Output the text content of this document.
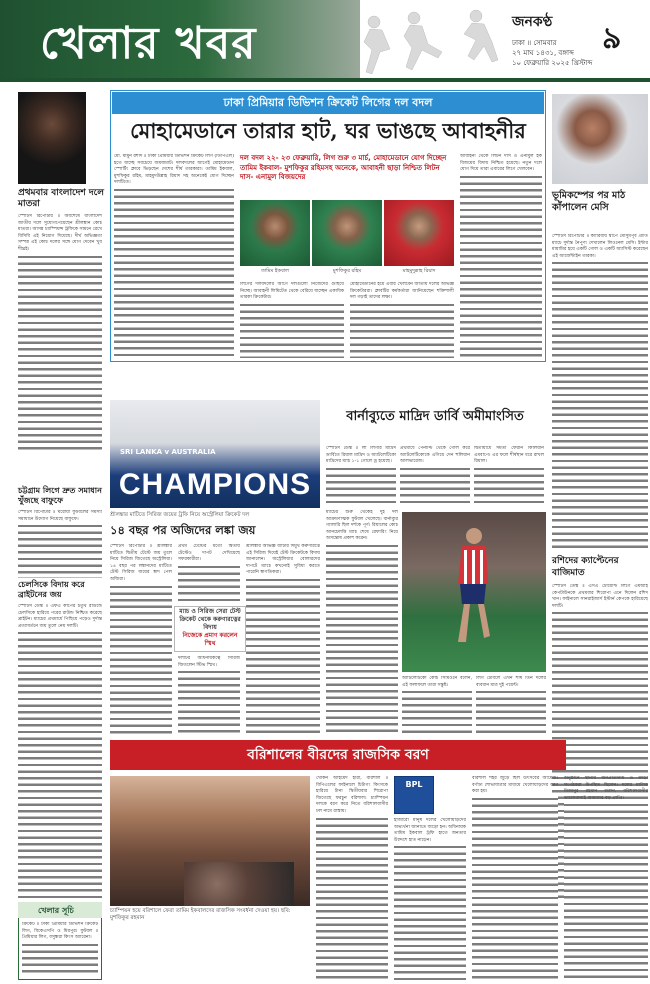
খেলার খবর	জনকণ্ঠ
ঢাকা ॥ সোমবার
২৭ মাঘ ১৪৩১, বঙ্গাব্দ
১০ ফেব্রুয়ারি ২০২৫ খ্রিস্টাব্দ
৯
প্রথমবার বাংলাদেশ দলে মাতরা
স্পোর্টস রিপোর্টার ॥ অবশেষে বাংলাদেশ জাতীয় দলে সুযোগপেয়েছেন শ্রীলঙ্কান কোচ মাতরা। আসন্ন চ্যাম্পিয়ন্স ট্রফিকে সামনে রেখে বিসিবি এই নিয়োগ দিয়েছে। দীর্ঘ অভিজ্ঞতা সম্পন্ন এই কোচ দলের সঙ্গে যোগ দেবেন খুব শীঘ্রই।
চট্টগ্রাম লিগে দ্রুত সমাধান খুঁজছে বাফুফে
স্পোর্টস রিপোর্টার ॥ ঘরোয়া ফুটবলের সমস্যা সমাধানে উদ্যোগ নিয়েছে বাফুফে।
চেলসিকে বিদায় করে ব্রাইটনের জয়
স্পোর্টস ডেস্ক ॥ এফএ কাপের চতুর্থ রাউন্ডে চেলসিকে হারিয়ে পরের রাউন্ড নিশ্চিত করেছে ব্রাইটন। ম্যাচের প্রথমার্ধে পিছিয়ে পড়েও দুর্দান্ত প্রত্যাবর্তনে জয় তুলে নেয় দলটি।
খেলার সূচি
ক্রিকেট ॥ ঢাকা প্রিমিয়ার ডিভিশন ক্রিকেট লিগ, বিকেএসপি ও মিরপুর। ফুটবল ॥ প্রিমিয়ার লিগ, বসুন্ধরা কিংস অ্যারেনা।
ঢাকা প্রিমিয়ার ডিভিশন ক্রিকেট লিগের দল বদল
মোহামেডানে তারার হাট, ঘর ভাঙছে আবাহনীর
মো. মামুন রশীদ ॥ ঢাকা প্রিমিয়ার ডিভিশন ক্রিকেট লিগ (ডিপিএল) হতে যাচ্ছে সবচেয়ে জমজমাট। দলবদলের আগেই মোহামেডান স্পোর্টিং ক্লাবে ভিড়ছেন দেশের শীর্ষ তারকারা। তামিম ইকবাল, মুশফিকুর রহিম, মাহমুদউল্লাহ রিয়াদ সহ অনেকেই যোগ দিচ্ছেন দলটিতে।
দল বদল ২২- ২৩ ফেব্রুয়ারি, লিগ শুরু ৩ মার্চ, মোহামেডানে যোগ দিচ্ছেন তামিম ইকবাল- মুশফিকুর রহিমসহ অনেকে, আবাহনী ছাড়া নিশ্চিত লিটন দাস- এনামুল বিজয়দের
তামিম ইকবাল	মুশফিকুর রহিম	মাহমুদুল্লাহ রিয়াদ
লিগের দলবদলের আগে দলগুলো নিজেদের গুছিয়ে নিচ্ছে। আবাহনী লিমিটেড থেকে বেরিয়ে যাচ্ছেন একাধিক তারকা ক্রিকেটার।
মোহামেডানের হয়ে এবার খেলবেন জাতীয় দলের অভিজ্ঞ ক্রিকেটাররা। ক্লাবটির কর্মকর্তারা জানিয়েছেন শক্তিশালী দল গড়াই তাদের লক্ষ্য।
আবাহনী থেকে লিটন দাস ও এনামুল হক বিজয়ের বিদায় নিশ্চিত হয়েছে। নতুন দলে যোগ দিয়ে তারা এবারের লিগে খেলবেন।
ভূমিকম্পের পর মাঠ কাঁপালেন মেসি
স্পোর্টস রিপোর্টার ॥ ক্যারিবীয় দ্বীপে মৌসুমপূর্ব প্রীতি ম্যাচে দুর্দান্ত নৈপুণ্য দেখালেন লিওনেল মেসি। ইন্টার মায়ামির হয়ে একটি গোল ও একটি অ্যাসিস্ট করেছেন এই আর্জেন্টাইন তারকা।
রশিদের ক্যাপ্টেনের বাজিমাত
স্পোর্টস ডেস্ক ॥ এসএ টোয়েন্টি লিগে এমআই কেপটাউনকে প্রথমবার শিরোপা এনে দিলেন রশিদ খান। ফাইনালে সানরাইজার্স ইস্টার্ন কেপকে হারিয়েছে দলটি।
SRI LANKA v AUSTRALIA
CHAMPIONS
শ্রীলঙ্কার মাটিতে সিরিজ জয়ের ট্রফি নিয়ে অস্ট্রেলিয়া ক্রিকেট দল
১৪ বছর পর অজিদের লঙ্কা জয়
স্পোর্টস রিপোর্টার ॥ শ্রীলঙ্কার মাটিতে দ্বিতীয় টেস্টে জয় তুলে নিয়ে সিরিজ জিতেছে অস্ট্রেলিয়া। ১৪ বছর পর লঙ্কানদের মাটিতে টেস্ট সিরিজ জয়ের স্বাদ পেল অজিরা।
প্রথম টেস্টের মতো দ্বিতীয় টেস্টেও দাপট দেখিয়েছে সফরকারীরা।
ম্যাচ ও সিরিজ সেরা টেস্ট ক্রিকেট থেকে করুণারত্নের বিদায়
নিজেকে প্রমাণ করলেন স্মিথ
দলটির অধিনায়কত্বে সিরিজ জিতলেন স্টিভ স্মিথ।
শ্রীলঙ্কার অভিজ্ঞ ব্যাটার দিমুথ করুণারত্নে এই সিরিজ দিয়েই টেস্ট ক্রিকেটকে বিদায় জানালেন। অস্ট্রেলিয়ার বোলারদের দাপটে ম্যাচে কখনোই সুবিধা করতে পারেনি স্বাগতিকরা।
বার্নাব্যুতে মাদ্রিদ ডার্বি অমীমাংসিত
স্পোর্টস ডেস্ক ॥ লা লিগার মাদ্রিদ ডার্বিতে রিয়াল মাদ্রিদ ও অ্যাটলেটিকো মাদ্রিদের ম্যাচ ১-১ গোলে ড্র হয়েছে।
প্রথমার্ধে পেনাল্টি থেকে গোল করে অ্যাটলেটিকোকে এগিয়ে দেন হুলিয়ান আলভারেজ।
দ্বিতীয়ার্ধে সমতা ফেরান কিলিয়ান এমবাপে। এর ফলে শীর্ষস্থান ধরে রাখল রিয়াল।
ম্যাচের শুরু থেকেই দুই দল আক্রমণাত্মক ফুটবল খেলেছে। বার্নাব্যুর গ্যালারি ছিল দর্শকে পূর্ণ। রিয়ালের কোচ আনচেলত্তি ম্যাচ শেষে রেফারিং নিয়ে অসন্তোষ প্রকাশ করেন।
অ্যাটলেটিকো কোচ সিমিওনে বলেন, এই ফলাফলে তারা সন্তুষ্ট।
লিগ টেবিলে এখন শীর্ষ তিন দলের ব্যবধান মাত্র দুই পয়েন্ট।
বরিশালের বীরদের রাজসিক বরণ
চ্যাম্পিয়ন হয়ে বরিশালে ফেরা তামিম ইকবালদের রাজসিক সংবর্ধনা দেওয়া হয়। ছবি: মুশফিকুর রহমান
খোকন আহমেদ হীরা, বরিশাল ॥ বিপিএলের ফাইনালে চিটাগং কিংসকে হারিয়ে টানা দ্বিতীয়বার শিরোপা জিতেছে ফরচুন বরিশাল। চ্যাম্পিয়ন দলকে বরণ করে নিতে বরিশালবাসীর ঢল নামে রাস্তায়।
BPL
হাজারো মানুষ দলের খেলোয়াড়দের অভ্যর্থনা জানাতে জড়ো হন। অধিনায়ক তামিম ইকবাল ট্রফি হাতে জনতার উদ্দেশে হাত নাড়েন।
বরিশাল শহর জুড়ে ছিল উৎসবের আমেজ। বর্ণাঢ্য শোভাযাত্রার মাধ্যমে খেলোয়াড়দের বরণ করা হয়।
অনুষ্ঠানে স্থানীয় জনপ্রতিনিধি ও ক্রীড়া সংগঠকরা উপস্থিত ছিলেন। দলের মালিক মিজানুর রহমান বলেন, বরিশালবাসীর ভালোবাসাই আমাদের বড় প্রাপ্তি।
